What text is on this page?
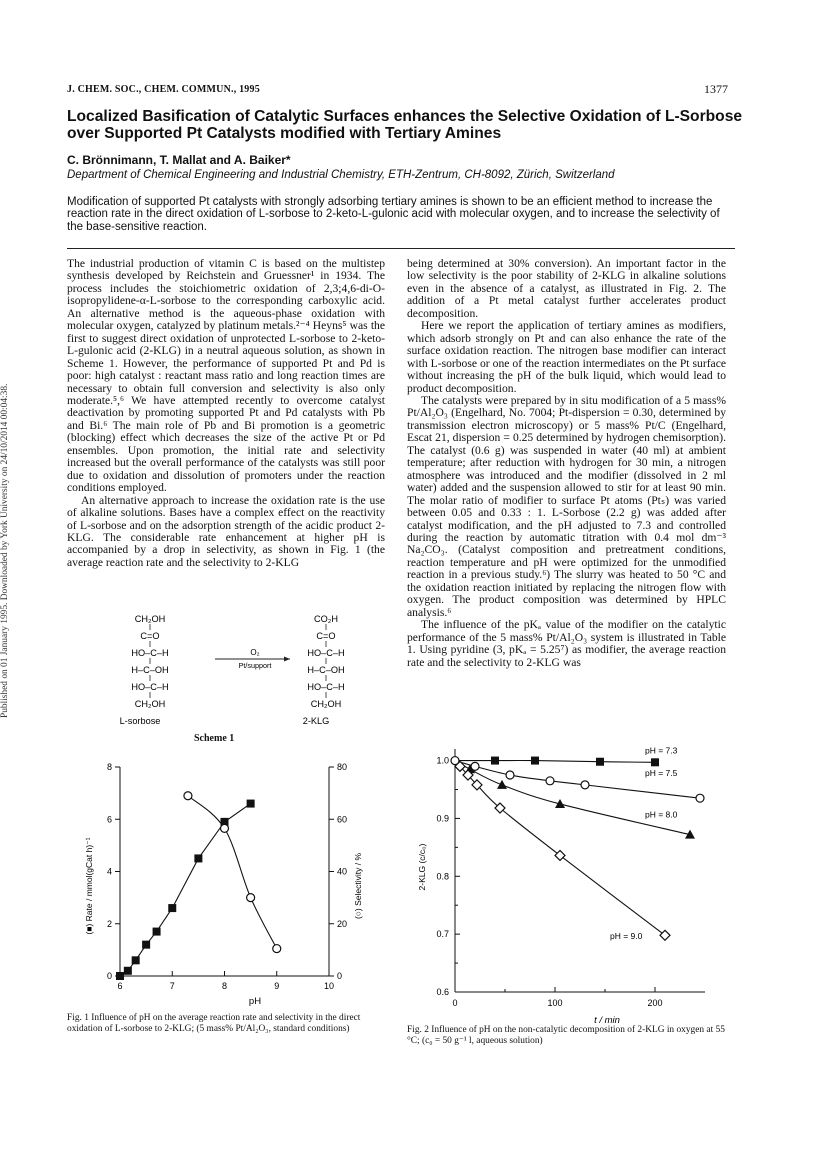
Published on 01 January 1995. Downloaded by York University on 24/10/2014 00:04:38.
J. CHEM. SOC., CHEM. COMMUN., 1995	1377
Localized Basification of Catalytic Surfaces enhances the Selective Oxidation of L-Sorbose over Supported Pt Catalysts modified with Tertiary Amines
C. Brönnimann, T. Mallat and A. Baiker*
Department of Chemical Engineering and Industrial Chemistry, ETH-Zentrum, CH-8092, Zürich, Switzerland
Modification of supported Pt catalysts with strongly adsorbing tertiary amines is shown to be an efficient method to increase the reaction rate in the direct oxidation of L-sorbose to 2-keto-L-gulonic acid with molecular oxygen, and to increase the selectivity of the base-sensitive reaction.

The industrial production of vitamin C is based on the multistep synthesis developed by Reichstein and Gruessner¹ in 1934. The process includes the stoichiometric oxidation of 2,3;4,6-di-O-isopropylidene-α-L-sorbose to the corresponding carboxylic acid. An alternative method is the aqueous-phase oxidation with molecular oxygen, catalyzed by platinum metals.²⁻⁴ Heyns⁵ was the first to suggest direct oxidation of unprotected L-sorbose to 2-keto-L-gulonic acid (2-KLG) in a neutral aqueous solution, as shown in Scheme 1. However, the performance of supported Pt and Pd is poor: high catalyst : reactant mass ratio and long reaction times are necessary to obtain full conversion and selectivity is also only moderate.⁵,⁶ We have attempted recently to overcome catalyst deactivation by promoting supported Pt and Pd catalysts with Pb and Bi.⁶ The main role of Pb and Bi promotion is a geometric (blocking) effect which decreases the size of the active Pt or Pd ensembles. Upon promotion, the initial rate and selectivity increased but the overall performance of the catalysts was still poor due to oxidation and dissolution of promoters under the reaction conditions employed.

An alternative approach to increase the oxidation rate is the use of alkaline solutions. Bases have a complex effect on the reactivity of L-sorbose and on the adsorption strength of the acidic product 2-KLG. The considerable rate enhancement at higher pH is accompanied by a drop in selectivity, as shown in Fig. 1 (the average reaction rate and the selectivity to 2-KLG

being determined at 30% conversion). An important factor in the low selectivity is the poor stability of 2-KLG in alkaline solutions even in the absence of a catalyst, as illustrated in Fig. 2. The addition of a Pt metal catalyst further accelerates product decomposition.

Here we report the application of tertiary amines as modifiers, which adsorb strongly on Pt and can also enhance the rate of the surface oxidation reaction. The nitrogen base modifier can interact with L-sorbose or one of the reaction intermediates on the Pt surface without increasing the pH of the bulk liquid, which would lead to product decomposition.

The catalysts were prepared by in situ modification of a 5 mass% Pt/Al₂O₃ (Engelhard, No. 7004; Pt-dispersion = 0.30, determined by transmission electron microscopy) or 5 mass% Pt/C (Engelhard, Escat 21, dispersion = 0.25 determined by hydrogen chemisorption). The catalyst (0.6 g) was suspended in water (40 ml) at ambient temperature; after reduction with hydrogen for 30 min, a nitrogen atmosphere was introduced and the modifier (dissolved in 2 ml water) added and the suspension allowed to stir for at least 90 min. The molar ratio of modifier to surface Pt atoms (Ptₛ) was varied between 0.05 and 0.33 : 1. L-Sorbose (2.2 g) was added after catalyst modification, and the pH adjusted to 7.3 and controlled during the reaction by automatic titration with 0.4 mol dm⁻³ Na₂CO₃. (Catalyst composition and pretreatment conditions, reaction temperature and pH were optimized for the unmodified reaction in a previous study.⁶) The slurry was heated to 50 °C and the oxidation reaction initiated by replacing the nitrogen flow with oxygen. The product composition was determined by HPLC analysis.⁶

The influence of the pKₐ value of the modifier on the catalytic performance of the 5 mass% Pt/Al₂O₃ system is illustrated in Table 1. Using pyridine (3, pKₐ = 5.25⁷) as modifier, the average reaction rate and the selectivity to 2-KLG was

CH₂OH
C=O
HO–C–H
H–C–OH
HO–C–H
CH₂OH
L-sorbose
O₂
Pt/support
CO₂H
C=O
HO–C–H
H–C–OH
HO–C–H
CH₂OH
2-KLG
Scheme 1
6	7	8	9	10
0
2
4
6
8
0
20
40
60
80
pH
(■) Rate / mmol(gCat h)⁻¹	(○) Selectivity / %
Fig. 1 Influence of pH on the average reaction rate and selectivity in the direct oxidation of L-sorbose to 2-KLG; (5 mass% Pt/Al₂O₃, standard conditions)
0	100	200
0.6
0.7
0.8
0.9
1.0
pH = 7.3
pH = 7.5
pH = 8.0
pH = 9.0
t / min
2-KLG (c/c₀)
Fig. 2 Influence of pH on the non-catalytic decomposition of 2-KLG in oxygen at 55 °C; (c₀ = 50 g⁻¹ l, aqueous solution)
